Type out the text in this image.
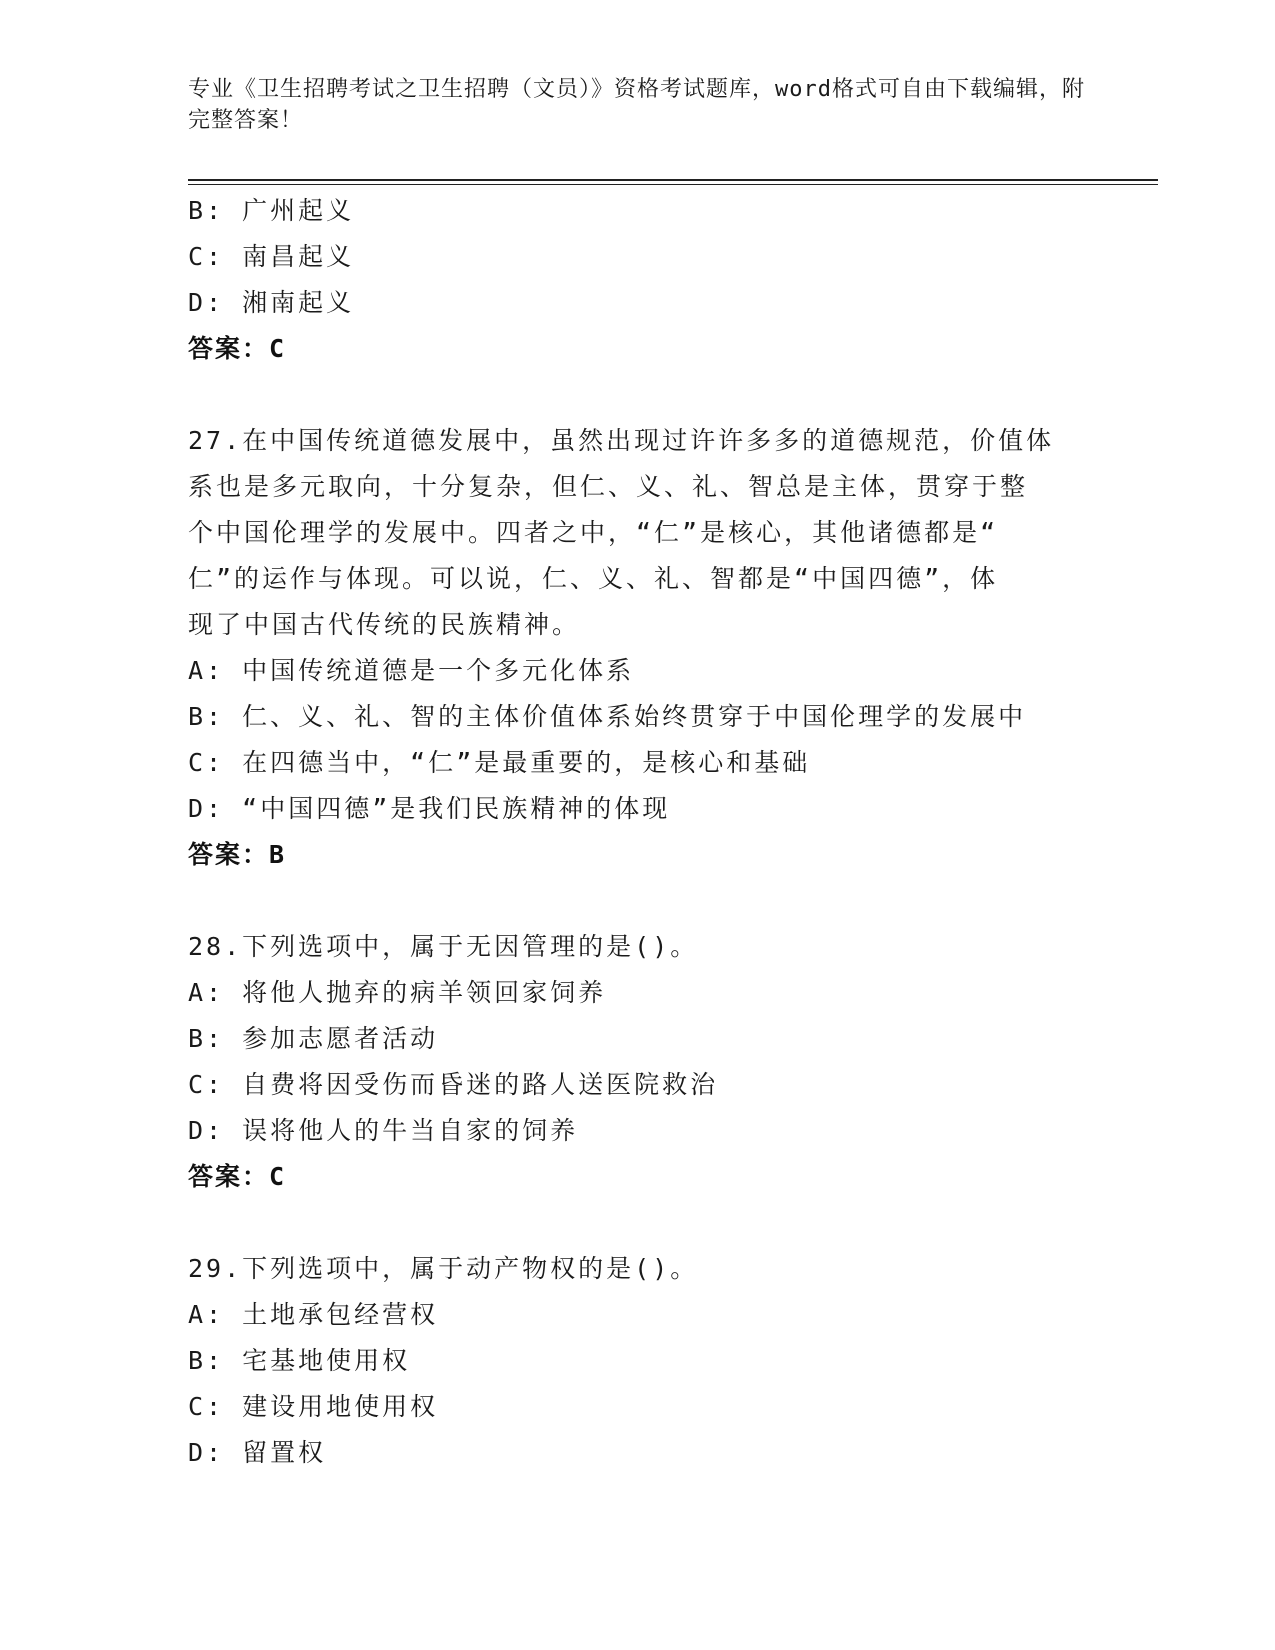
专业《卫生招聘考试之卫生招聘（文员）》资格考试题库，word格式可自由下载编辑，附完整答案！

B: 广州起义

C: 南昌起义

D: 湘南起义

答案：C

27.在中国传统道德发展中，虽然出现过许许多多的道德规范，价值体

系也是多元取向，十分复杂，但仁、义、礼、智总是主体，贯穿于整

个中国伦理学的发展中。四者之中，“仁”是核心，其他诸德都是“

仁”的运作与体现。可以说，仁、义、礼、智都是“中国四德”，体

现了中国古代传统的民族精神。

A: 中国传统道德是一个多元化体系

B: 仁、义、礼、智的主体价值体系始终贯穿于中国伦理学的发展中

C: 在四德当中，“仁”是最重要的，是核心和基础

D: “中国四德”是我们民族精神的体现

答案：B

28.下列选项中，属于无因管理的是()。

A: 将他人抛弃的病羊领回家饲养

B: 参加志愿者活动

C: 自费将因受伤而昏迷的路人送医院救治

D: 误将他人的牛当自家的饲养

答案：C

29.下列选项中，属于动产物权的是()。

A: 土地承包经营权

B: 宅基地使用权

C: 建设用地使用权

D: 留置权
